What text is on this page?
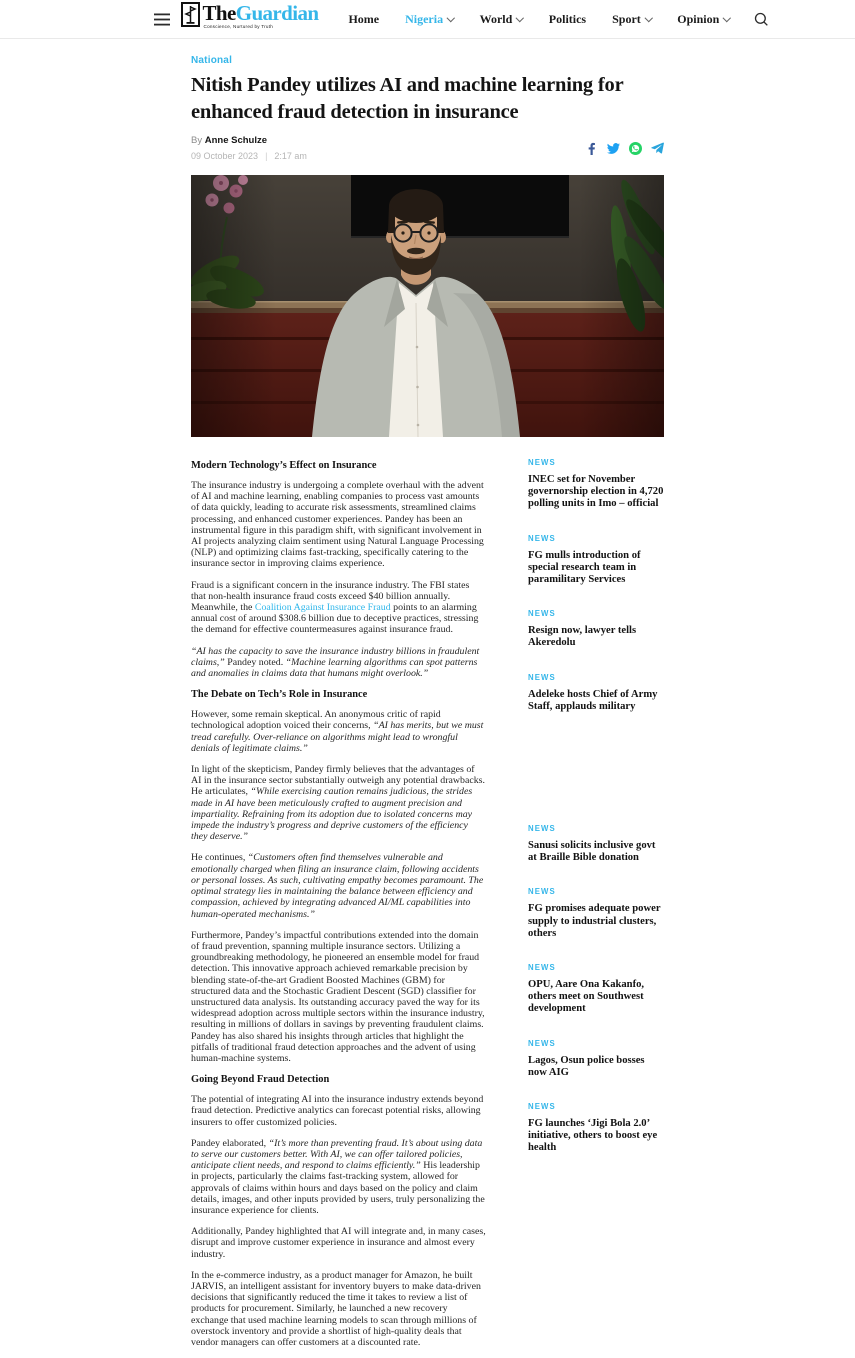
TheGuardian
Conscience, Nurtured by Truth
Home Nigeria	World	Politics Sport	Opinion
National
Nitish Pandey utilizes AI and machine learning for enhanced fraud detection in insurance
By Anne Schulze
09 October 2023 | 2:17 am
Modern Technology’s Effect on Insurance

The insurance industry is undergoing a complete overhaul with the advent of AI and machine learning, enabling companies to process vast amounts of data quickly, leading to accurate risk assessments, streamlined claims processing, and enhanced customer experiences. Pandey has been an instrumental figure in this paradigm shift, with significant involvement in AI projects analyzing claim sentiment using Natural Language Processing (NLP) and optimizing claims fast-tracking, specifically catering to the insurance sector in improving claims experience.

Fraud is a significant concern in the insurance industry. The FBI states that non-health insurance fraud costs exceed $40 billion annually. Meanwhile, the Coalition Against Insurance Fraud points to an alarming annual cost of around $308.6 billion due to deceptive practices, stressing the demand for effective countermeasures against insurance fraud.

“AI has the capacity to save the insurance industry billions in fraudulent claims,” Pandey noted. “Machine learning algorithms can spot patterns and anomalies in claims data that humans might overlook.”

The Debate on Tech’s Role in Insurance

However, some remain skeptical. An anonymous critic of rapid technological adoption voiced their concerns, “AI has merits, but we must tread carefully. Over-reliance on algorithms might lead to wrongful denials of legitimate claims.”

In light of the skepticism, Pandey firmly believes that the advantages of AI in the insurance sector substantially outweigh any potential drawbacks. He articulates, “While exercising caution remains judicious, the strides made in AI have been meticulously crafted to augment precision and impartiality. Refraining from its adoption due to isolated concerns may impede the industry’s progress and deprive customers of the efficiency they deserve.”

He continues, “Customers often find themselves vulnerable and emotionally charged when filing an insurance claim, following accidents or personal losses. As such, cultivating empathy becomes paramount. The optimal strategy lies in maintaining the balance between efficiency and compassion, achieved by integrating advanced AI/ML capabilities into human-operated mechanisms.”

Furthermore, Pandey’s impactful contributions extended into the domain of fraud prevention, spanning multiple insurance sectors. Utilizing a groundbreaking methodology, he pioneered an ensemble model for fraud detection. This innovative approach achieved remarkable precision by blending state-of-the-art Gradient Boosted Machines (GBM) for structured data and the Stochastic Gradient Descent (SGD) classifier for unstructured data analysis. Its outstanding accuracy paved the way for its widespread adoption across multiple sectors within the insurance industry, resulting in millions of dollars in savings by preventing fraudulent claims. Pandey has also shared his insights through articles that highlight the pitfalls of traditional fraud detection approaches and the advent of using human-machine systems.

Going Beyond Fraud Detection

The potential of integrating AI into the insurance industry extends beyond fraud detection. Predictive analytics can forecast potential risks, allowing insurers to offer customized policies.

Pandey elaborated, “It’s more than preventing fraud. It’s about using data to serve our customers better. With AI, we can offer tailored policies, anticipate client needs, and respond to claims efficiently.” His leadership in projects, particularly the claims fast-tracking system, allowed for approvals of claims within hours and days based on the policy and claim details, images, and other inputs provided by users, truly personalizing the insurance experience for clients.

Additionally, Pandey highlighted that AI will integrate and, in many cases, disrupt and improve customer experience in insurance and almost every industry.

In the e-commerce industry, as a product manager for Amazon, he built JARVIS, an intelligent assistant for inventory buyers to make data-driven decisions that significantly reduced the time it takes to review a list of products for procurement. Similarly, he launched a new recovery exchange that used machine learning models to scan through millions of overstock inventory and provide a shortlist of high-quality deals that vendor managers can offer customers at a discounted rate.

NEWS
INEC set for November governorship election in 4,720 polling units in Imo – official
NEWS
FG mulls introduction of special research team in paramilitary Services
NEWS
Resign now, lawyer tells Akeredolu
NEWS
Adeleke hosts Chief of Army Staff, applauds military
NEWS
Sanusi solicits inclusive govt at Braille Bible donation
NEWS
FG promises adequate power supply to industrial clusters, others
NEWS
OPU, Aare Ona Kakanfo, others meet on Southwest development
NEWS
Lagos, Osun police bosses now AIG
NEWS
FG launches ‘Jigi Bola 2.0’ initiative, others to boost eye health
